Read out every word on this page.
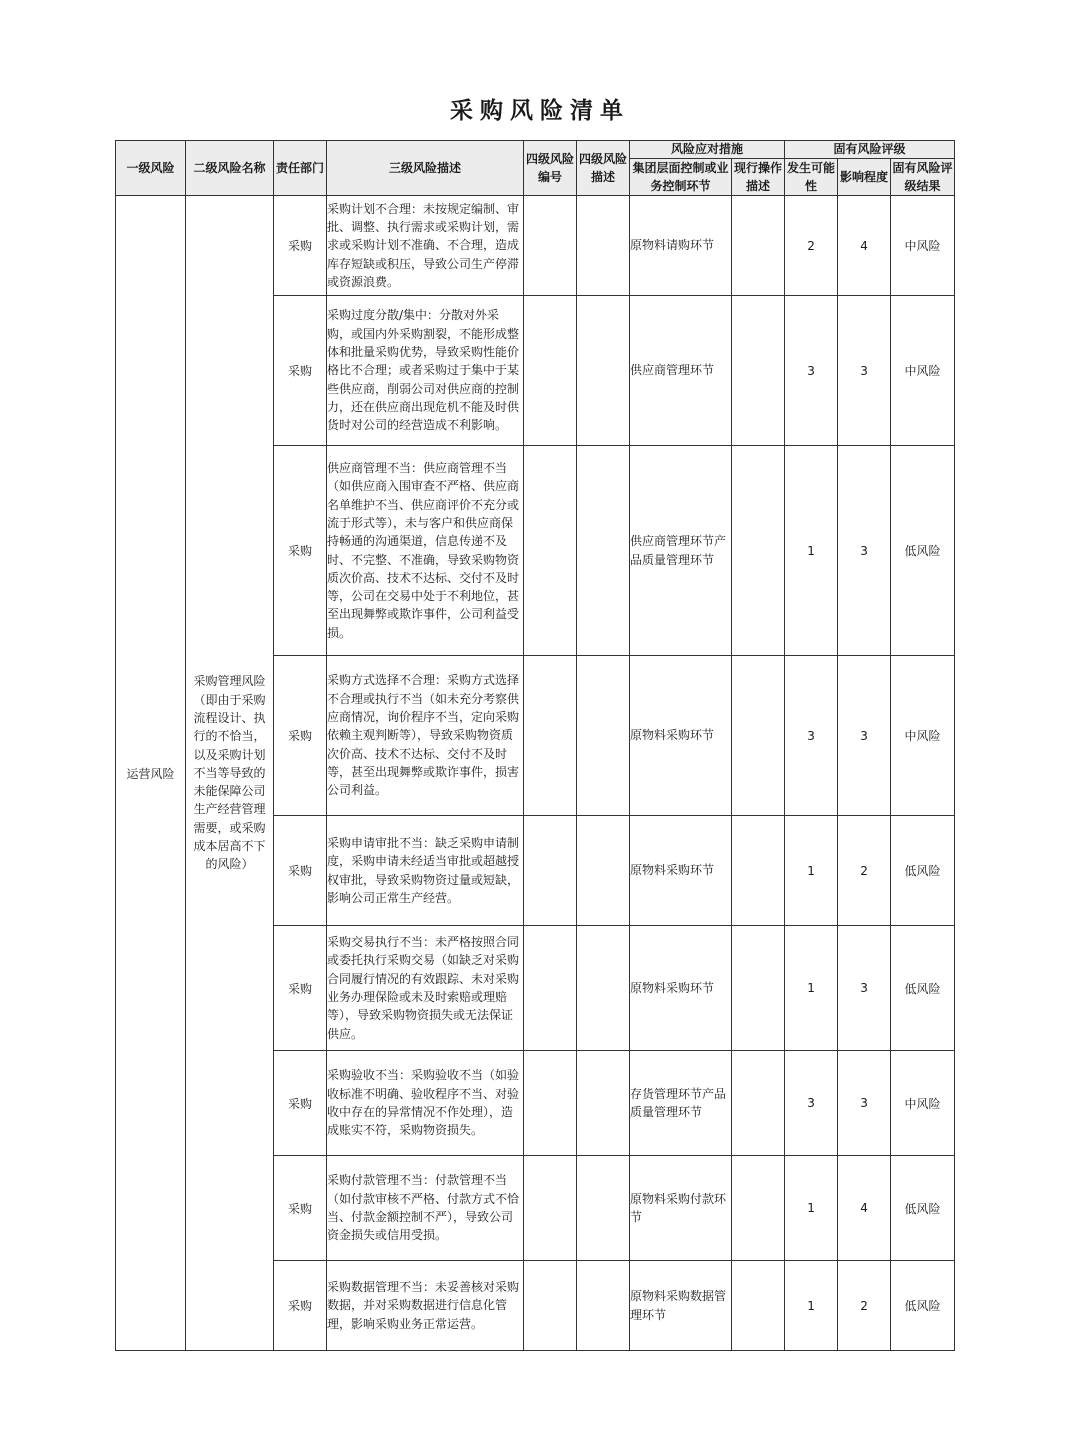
采购风险清单
一级风险	二级风险名称	责任部门	三级风险描述	四级风险编号	四级风险描述	风险应对措施		固有风险评级		
						集团层面控制或业务控制环节	现行操作描述	发生可能性	影响程度	固有风险评级结果
运营风险	采购管理风险（即由于采购流程设计、执行的不恰当，以及采购计划不当等导致的未能保障公司生产经营管理需要，或采购成本居高不下的风险）	采购	采购计划不合理：未按规定编制、审批、调整、执行需求或采购计划，需求或采购计划不准确、不合理，造成库存短缺或积压，导致公司生产停滞或资源浪费。			原物料请购环节		2	4	中风险
		采购	采购过度分散/集中：分散对外采购，或国内外采购割裂，不能形成整体和批量采购优势，导致采购性能价格比不合理；或者采购过于集中于某些供应商，削弱公司对供应商的控制力，还在供应商出现危机不能及时供货时对公司的经营造成不利影响。			供应商管理环节		3	3	中风险
		采购	供应商管理不当：供应商管理不当（如供应商入围审查不严格、供应商名单维护不当、供应商评价不充分或流于形式等），未与客户和供应商保持畅通的沟通渠道，信息传递不及时、不完整、不准确，导致采购物资质次价高、技术不达标、交付不及时等，公司在交易中处于不利地位，甚至出现舞弊或欺诈事件，公司利益受损。			供应商管理环节产品质量管理环节		1	3	低风险
		采购	采购方式选择不合理：采购方式选择不合理或执行不当（如未充分考察供应商情况，询价程序不当，定向采购依赖主观判断等），导致采购物资质次价高、技术不达标、交付不及时等，甚至出现舞弊或欺诈事件，损害公司利益。			原物料采购环节		3	3	中风险
		采购	采购申请审批不当：缺乏采购申请制度，采购申请未经适当审批或超越授权审批，导致采购物资过量或短缺，影响公司正常生产经营。			原物料采购环节		1	2	低风险
		采购	采购交易执行不当：未严格按照合同或委托执行采购交易（如缺乏对采购合同履行情况的有效跟踪、未对采购业务办理保险或未及时索赔或理赔等），导致采购物资损失或无法保证供应。			原物料采购环节		1	3	低风险
		采购	采购验收不当：采购验收不当（如验收标准不明确、验收程序不当、对验收中存在的异常情况不作处理），造成账实不符，采购物资损失。			存货管理环节产品质量管理环节		3	3	中风险
		采购	采购付款管理不当：付款管理不当（如付款审核不严格、付款方式不恰当、付款金额控制不严），导致公司资金损失或信用受损。			原物料采购付款环节		1	4	低风险
		采购	采购数据管理不当：未妥善核对采购数据，并对采购数据进行信息化管理，影响采购业务正常运营。			原物料采购数据管理环节		1	2	低风险
